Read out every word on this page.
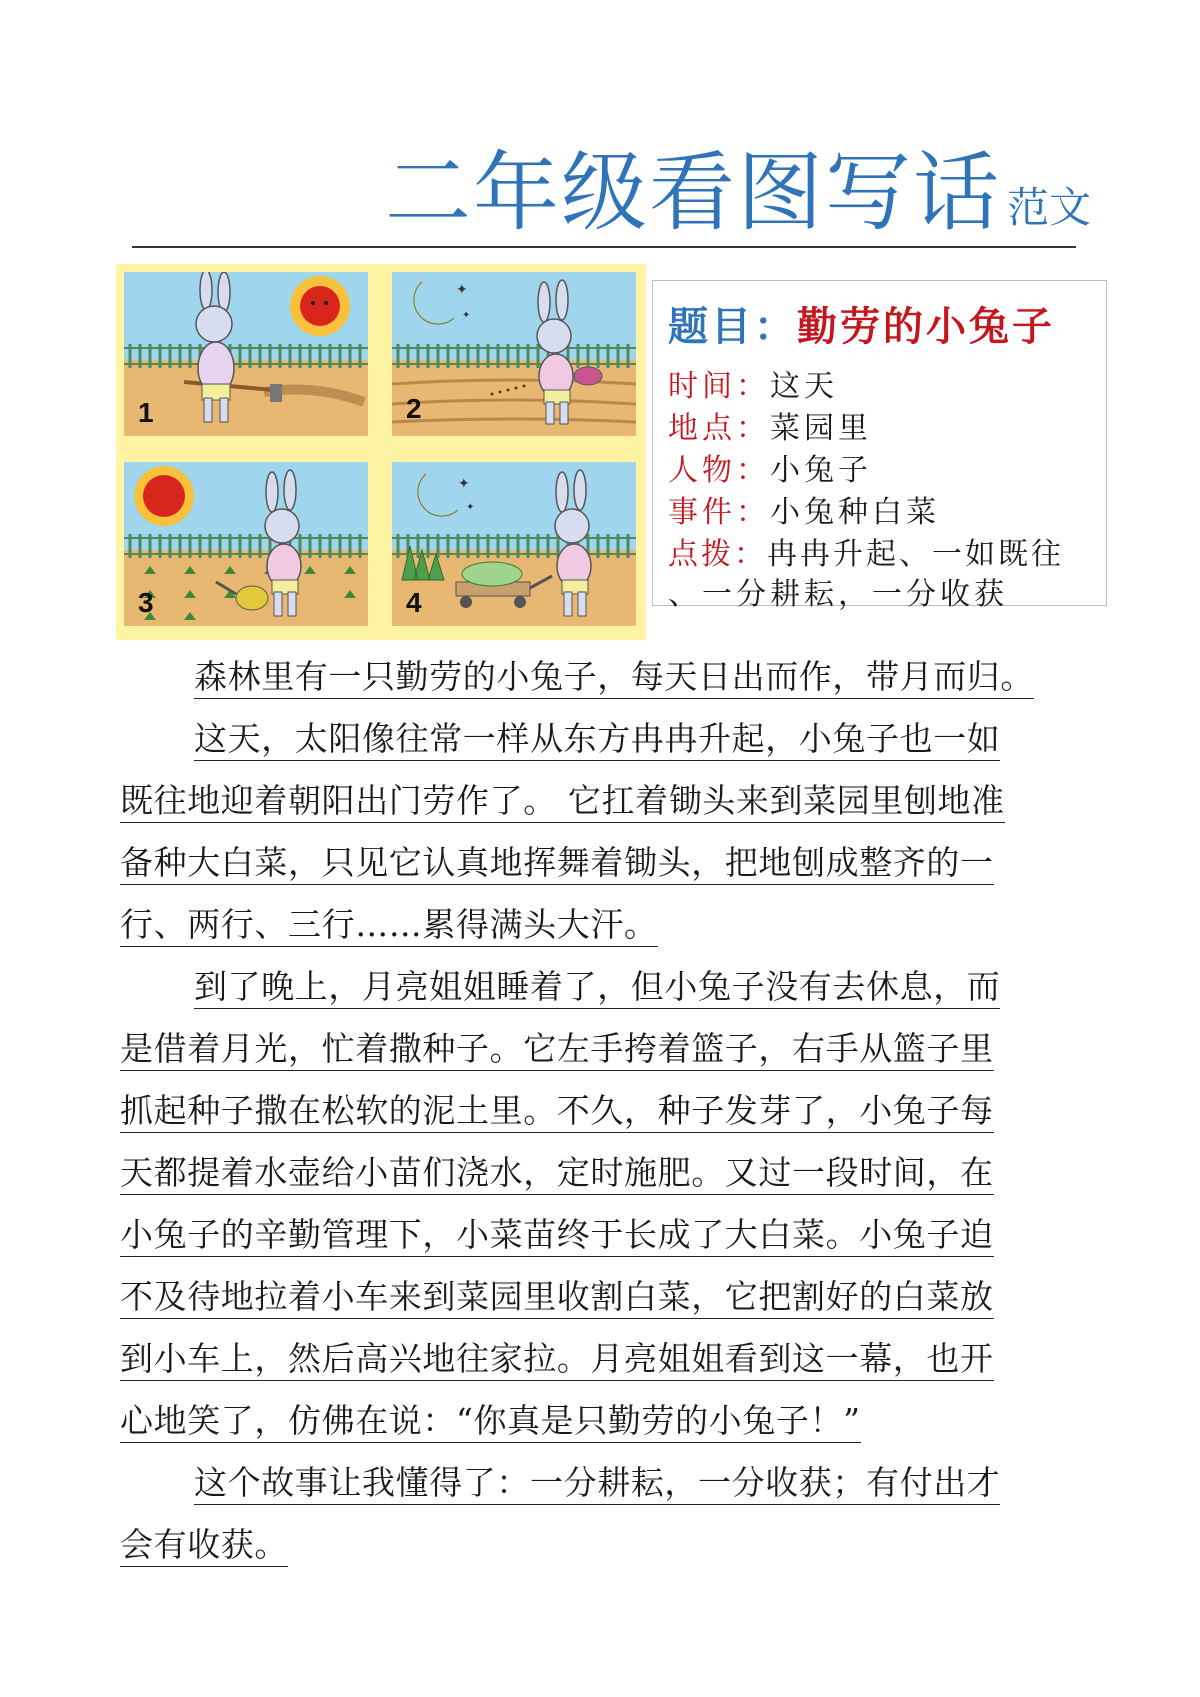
二年级看图写话 范文
1
✦
✦
2
3
✦
✦
4
题目：勤劳的小兔子
时间：这天
地点：菜园里
人物：小兔子
事件：小兔种白菜
点拨：冉冉升起、一如既往
、一分耕耘，一分收获
森林里有一只勤劳的小兔子，每天日出而作，带月而归。
这天，太阳像往常一样从东方冉冉升起，小兔子也一如
既往地迎着朝阳出门劳作了。 它扛着锄头来到菜园里刨地准
备种大白菜，只见它认真地挥舞着锄头，把地刨成整齐的一
行、两行、三行……累得满头大汗。
到了晚上，月亮姐姐睡着了，但小兔子没有去休息，而
是借着月光，忙着撒种子。它左手挎着篮子，右手从篮子里
抓起种子撒在松软的泥土里。不久，种子发芽了，小兔子每
天都提着水壶给小苗们浇水，定时施肥。又过一段时间，在
小兔子的辛勤管理下，小菜苗终于长成了大白菜。小兔子迫
不及待地拉着小车来到菜园里收割白菜，它把割好的白菜放
到小车上，然后高兴地往家拉。月亮姐姐看到这一幕，也开
心地笑了，仿佛在说：“你真是只勤劳的小兔子！”
这个故事让我懂得了：一分耕耘，一分收获；有付出才
会有收获。
